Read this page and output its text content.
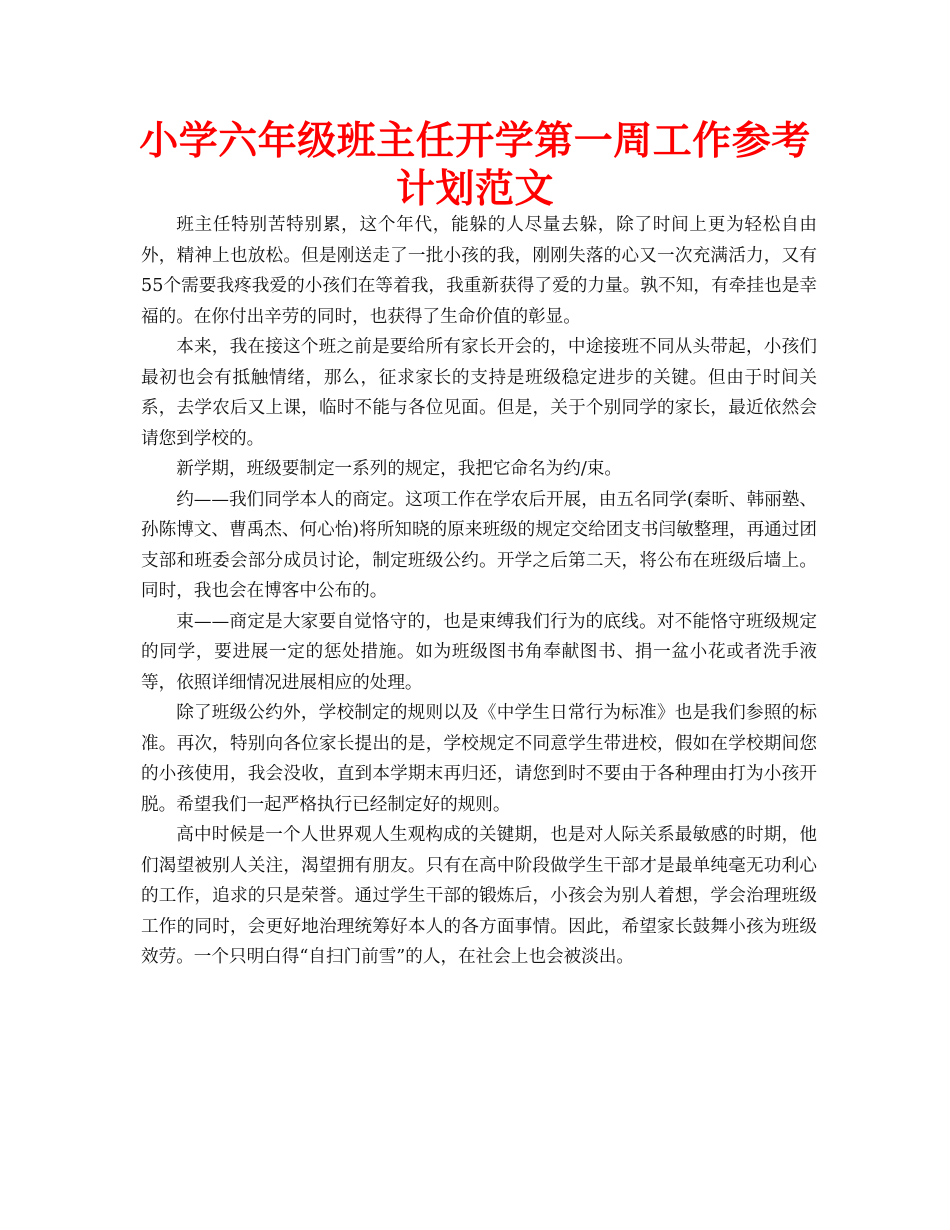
小学六年级班主任开学第一周工作参考计划范文

班主任特别苦特别累，这个年代，能躲的人尽量去躲，除了时间上更为轻松自由外，精神上也放松。但是刚送走了一批小孩的我，刚刚失落的心又一次充满活力，又有55个需要我疼我爱的小孩们在等着我，我重新获得了爱的力量。孰不知，有牵挂也是幸福的。在你付出辛劳的同时，也获得了生命价值的彰显。

本来，我在接这个班之前是要给所有家长开会的，中途接班不同从头带起，小孩们最初也会有抵触情绪，那么，征求家长的支持是班级稳定进步的关键。但由于时间关系，去学农后又上课，临时不能与各位见面。但是，关于个别同学的家长，最近依然会请您到学校的。

新学期，班级要制定一系列的规定，我把它命名为约/束。

约——我们同学本人的商定。这项工作在学农后开展，由五名同学(秦昕、韩丽塾、孙陈博文、曹禹杰、何心怡)将所知晓的原来班级的规定交给团支书闫敏整理，再通过团支部和班委会部分成员讨论，制定班级公约。开学之后第二天，将公布在班级后墙上。同时，我也会在博客中公布的。

束——商定是大家要自觉恪守的，也是束缚我们行为的底线。对不能恪守班级规定的同学，要进展一定的惩处措施。如为班级图书角奉献图书、捐一盆小花或者洗手液等，依照详细情况进展相应的处理。

除了班级公约外，学校制定的规则以及《中学生日常行为标准》也是我们参照的标准。再次，特别向各位家长提出的是，学校规定不同意学生带进校，假如在学校期间您的小孩使用，我会没收，直到本学期末再归还，请您到时不要由于各种理由打为小孩开脱。希望我们一起严格执行已经制定好的规则。

高中时候是一个人世界观人生观构成的关键期，也是对人际关系最敏感的时期，他们渴望被别人关注，渴望拥有朋友。只有在高中阶段做学生干部才是最单纯毫无功利心的工作，追求的只是荣誉。通过学生干部的锻炼后，小孩会为别人着想，学会治理班级工作的同时，会更好地治理统筹好本人的各方面事情。因此，希望家长鼓舞小孩为班级效劳。一个只明白得“自扫门前雪”的人，在社会上也会被淡出。
